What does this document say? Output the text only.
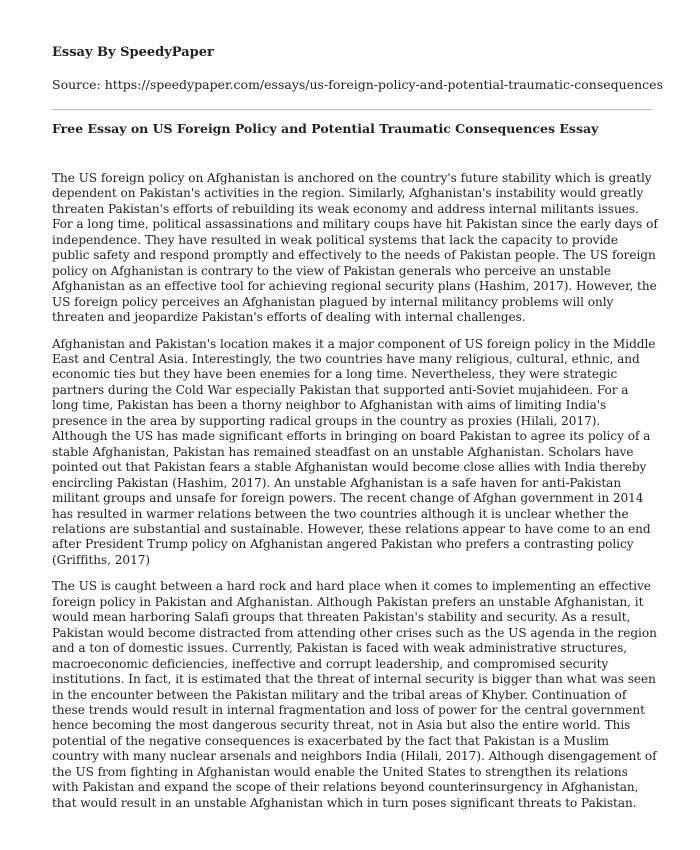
Essay By SpeedyPaper
Source: https://speedypaper.com/essays/us-foreign-policy-and-potential-traumatic-consequences
Free Essay on US Foreign Policy and Potential Traumatic Consequences Essay

The US foreign policy on Afghanistan is anchored on the country's future stability which is greatly dependent on Pakistan's activities in the region. Similarly, Afghanistan's instability would greatly threaten Pakistan's efforts of rebuilding its weak economy and address internal militants issues. For a long time, political assassinations and military coups have hit Pakistan since the early days of independence. They have resulted in weak political systems that lack the capacity to provide public safety and respond promptly and effectively to the needs of Pakistan people. The US foreign policy on Afghanistan is contrary to the view of Pakistan generals who perceive an unstable Afghanistan as an effective tool for achieving regional security plans (Hashim, 2017). However, the US foreign policy perceives an Afghanistan plagued by internal militancy problems will only threaten and jeopardize Pakistan's efforts of dealing with internal challenges.

Afghanistan and Pakistan's location makes it a major component of US foreign policy in the Middle East and Central Asia. Interestingly, the two countries have many religious, cultural, ethnic, and economic ties but they have been enemies for a long time. Nevertheless, they were strategic partners during the Cold War especially Pakistan that supported anti-Soviet mujahideen. For a long time, Pakistan has been a thorny neighbor to Afghanistan with aims of limiting India's presence in the area by supporting radical groups in the country as proxies (Hilali, 2017). Although the US has made significant efforts in bringing on board Pakistan to agree its policy of a stable Afghanistan, Pakistan has remained steadfast on an unstable Afghanistan. Scholars have pointed out that Pakistan fears a stable Afghanistan would become close allies with India thereby encircling Pakistan (Hashim, 2017). An unstable Afghanistan is a safe haven for anti-Pakistan militant groups and unsafe for foreign powers. The recent change of Afghan government in 2014 has resulted in warmer relations between the two countries although it is unclear whether the relations are substantial and sustainable. However, these relations appear to have come to an end after President Trump policy on Afghanistan angered Pakistan who prefers a contrasting policy (Griffiths, 2017)

The US is caught between a hard rock and hard place when it comes to implementing an effective foreign policy in Pakistan and Afghanistan. Although Pakistan prefers an unstable Afghanistan, it would mean harboring Salafi groups that threaten Pakistan's stability and security. As a result, Pakistan would become distracted from attending other crises such as the US agenda in the region and a ton of domestic issues. Currently, Pakistan is faced with weak administrative structures, macroeconomic deficiencies, ineffective and corrupt leadership, and compromised security institutions. In fact, it is estimated that the threat of internal security is bigger than what was seen in the encounter between the Pakistan military and the tribal areas of Khyber. Continuation of these trends would result in internal fragmentation and loss of power for the central government hence becoming the most dangerous security threat, not in Asia but also the entire world. This potential of the negative consequences is exacerbated by the fact that Pakistan is a Muslim country with many nuclear arsenals and neighbors India (Hilali, 2017). Although disengagement of the US from fighting in Afghanistan would enable the United States to strengthen its relations with Pakistan and expand the scope of their relations beyond counterinsurgency in Afghanistan, that would result in an unstable Afghanistan which in turn poses significant threats to Pakistan.
